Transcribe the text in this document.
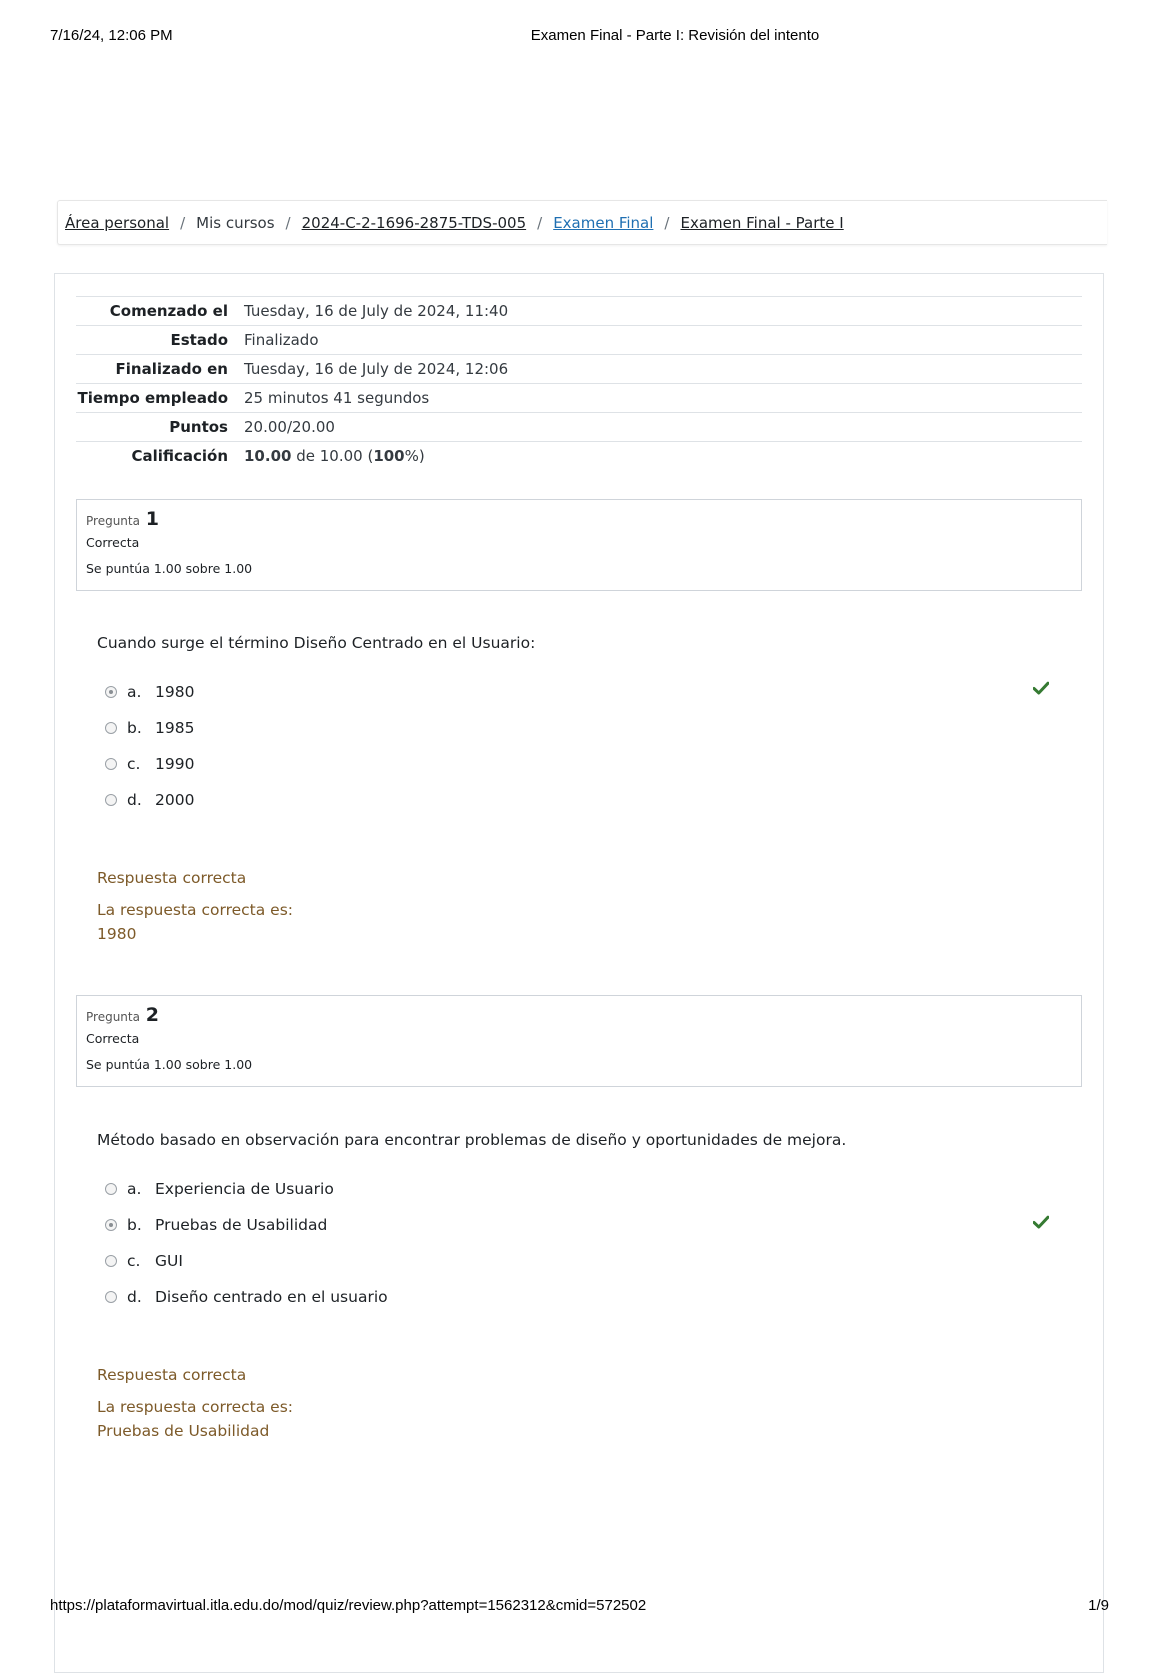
7/16/24, 12:06 PM	Examen Final - Parte I: Revisión del intento
Área personal / Mis cursos / 2024-C-2-1696-2875-TDS-005 / Examen Final / Examen Final - Parte I
Comenzado el	Tuesday, 16 de July de 2024, 11:40
Estado	Finalizado
Finalizado en	Tuesday, 16 de July de 2024, 12:06
Tiempo empleado	25 minutos 41 segundos
Puntos	20.00/20.00
Calificación	10.00 de 10.00 (100%)
Pregunta 1
Correcta
Se puntúa 1.00 sobre 1.00
Cuando surge el término Diseño Centrado en el Usuario:
a. 1980
b. 1985
c. 1990
d. 2000
Respuesta correcta
La respuesta correcta es:
1980
Pregunta 2
Correcta
Se puntúa 1.00 sobre 1.00
Método basado en observación para encontrar problemas de diseño y oportunidades de mejora.
a. Experiencia de Usuario
b. Pruebas de Usabilidad
c. GUI
d. Diseño centrado en el usuario
Respuesta correcta
La respuesta correcta es:
Pruebas de Usabilidad
https://plataformavirtual.itla.edu.do/mod/quiz/review.php?attempt=1562312&cmid=572502	1/9
